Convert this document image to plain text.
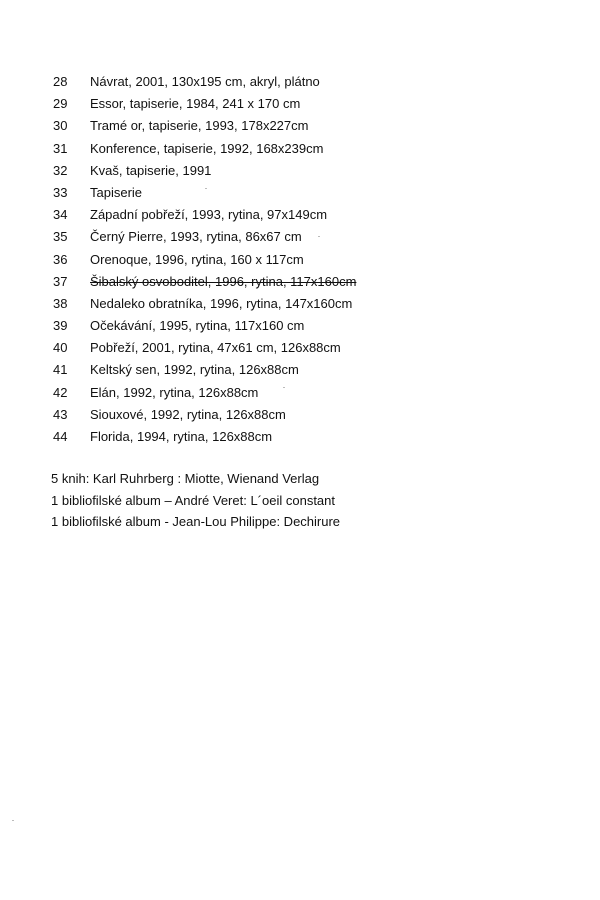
28 Návrat, 2001, 130x195 cm, akryl, plátno
29 Essor, tapiserie, 1984, 241 x 170 cm
30 Tramé or, tapiserie, 1993, 178x227cm
31 Konference, tapiserie, 1992, 168x239cm
32 Kvaš, tapiserie, 1991
33 Tapiserie
34 Západní pobřeží, 1993, rytina, 97x149cm
35 Černý Pierre, 1993, rytina, 86x67 cm
36 Orenoque, 1996, rytina, 160 x 117cm
37 Šibalský osvoboditel, 1996, rytina, 117x160cm
38 Nedaleko obratníka, 1996, rytina, 147x160cm
39 Očekávání, 1995, rytina, 117x160 cm
40 Pobřeží, 2001, rytina, 47x61 cm, 126x88cm
41 Keltský sen, 1992, rytina, 126x88cm
42 Elán, 1992, rytina, 126x88cm
43 Siouxové, 1992, rytina, 126x88cm
44 Florida, 1994, rytina, 126x88cm
5 knih: Karl Ruhrberg : Miotte, Wienand Verlag
1 bibliofilské album – André Veret: L´oeil constant
1 bibliofilské album - Jean-Lou Philippe: Dechirure
